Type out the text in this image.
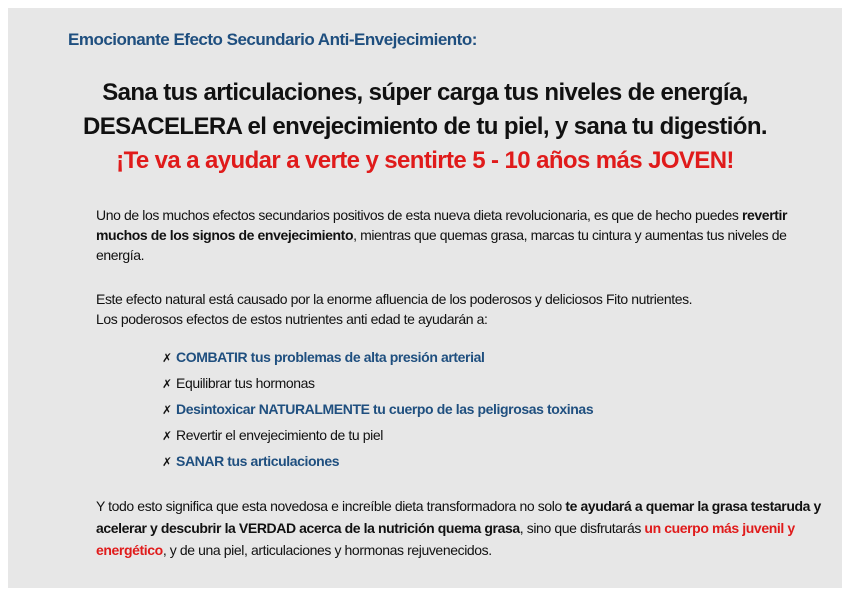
Emocionante Efecto Secundario Anti-Envejecimiento:
Sana tus articulaciones, súper carga tus niveles de energía,
DESACELERA el envejecimiento de tu piel, y sana tu digestión.
¡Te va a ayudar a verte y sentirte 5 - 10 años más JOVEN!
Uno de los muchos efectos secundarios positivos de esta nueva dieta revolucionaria, es que de hecho puedes revertir muchos de los signos de envejecimiento, mientras que quemas grasa, marcas tu cintura y aumentas tus niveles de energía.
Este efecto natural está causado por la enorme afluencia de los poderosos y deliciosos Fito nutrientes.
Los poderosos efectos de estos nutrientes anti edad te ayudarán a:
✗ COMBATIR tus problemas de alta presión arterial
✗ Equilibrar tus hormonas
✗ Desintoxicar NATURALMENTE tu cuerpo de las peligrosas toxinas
✗ Revertir el envejecimiento de tu piel
✗ SANAR tus articulaciones
Y todo esto significa que esta novedosa e increíble dieta transformadora no solo te ayudará a quemar la grasa testaruda y acelerar y descubrir la VERDAD acerca de la nutrición quema grasa, sino que disfrutarás un cuerpo más juvenil y energético, y de una piel, articulaciones y hormonas rejuvenecidos.
